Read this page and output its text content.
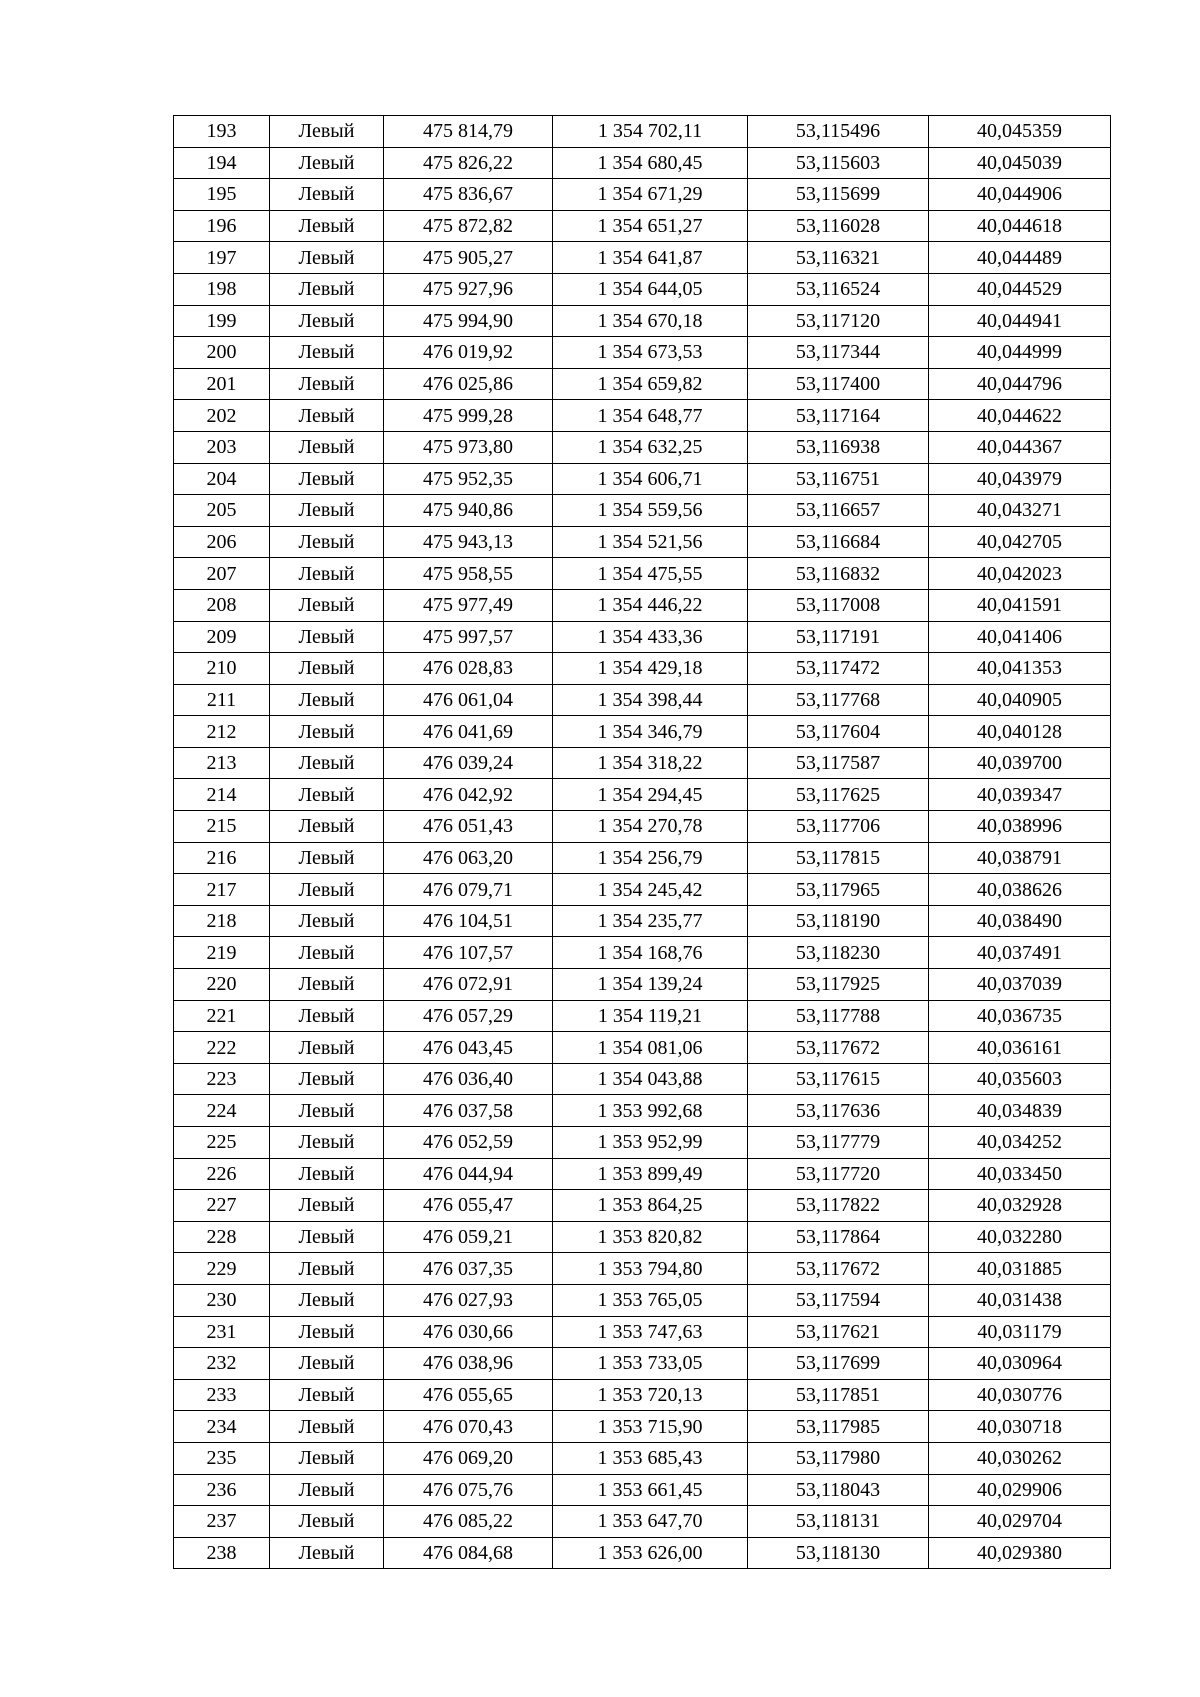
193	Левый	475 814,79	1 354 702,11	53,115496	40,045359
194	Левый	475 826,22	1 354 680,45	53,115603	40,045039
195	Левый	475 836,67	1 354 671,29	53,115699	40,044906
196	Левый	475 872,82	1 354 651,27	53,116028	40,044618
197	Левый	475 905,27	1 354 641,87	53,116321	40,044489
198	Левый	475 927,96	1 354 644,05	53,116524	40,044529
199	Левый	475 994,90	1 354 670,18	53,117120	40,044941
200	Левый	476 019,92	1 354 673,53	53,117344	40,044999
201	Левый	476 025,86	1 354 659,82	53,117400	40,044796
202	Левый	475 999,28	1 354 648,77	53,117164	40,044622
203	Левый	475 973,80	1 354 632,25	53,116938	40,044367
204	Левый	475 952,35	1 354 606,71	53,116751	40,043979
205	Левый	475 940,86	1 354 559,56	53,116657	40,043271
206	Левый	475 943,13	1 354 521,56	53,116684	40,042705
207	Левый	475 958,55	1 354 475,55	53,116832	40,042023
208	Левый	475 977,49	1 354 446,22	53,117008	40,041591
209	Левый	475 997,57	1 354 433,36	53,117191	40,041406
210	Левый	476 028,83	1 354 429,18	53,117472	40,041353
211	Левый	476 061,04	1 354 398,44	53,117768	40,040905
212	Левый	476 041,69	1 354 346,79	53,117604	40,040128
213	Левый	476 039,24	1 354 318,22	53,117587	40,039700
214	Левый	476 042,92	1 354 294,45	53,117625	40,039347
215	Левый	476 051,43	1 354 270,78	53,117706	40,038996
216	Левый	476 063,20	1 354 256,79	53,117815	40,038791
217	Левый	476 079,71	1 354 245,42	53,117965	40,038626
218	Левый	476 104,51	1 354 235,77	53,118190	40,038490
219	Левый	476 107,57	1 354 168,76	53,118230	40,037491
220	Левый	476 072,91	1 354 139,24	53,117925	40,037039
221	Левый	476 057,29	1 354 119,21	53,117788	40,036735
222	Левый	476 043,45	1 354 081,06	53,117672	40,036161
223	Левый	476 036,40	1 354 043,88	53,117615	40,035603
224	Левый	476 037,58	1 353 992,68	53,117636	40,034839
225	Левый	476 052,59	1 353 952,99	53,117779	40,034252
226	Левый	476 044,94	1 353 899,49	53,117720	40,033450
227	Левый	476 055,47	1 353 864,25	53,117822	40,032928
228	Левый	476 059,21	1 353 820,82	53,117864	40,032280
229	Левый	476 037,35	1 353 794,80	53,117672	40,031885
230	Левый	476 027,93	1 353 765,05	53,117594	40,031438
231	Левый	476 030,66	1 353 747,63	53,117621	40,031179
232	Левый	476 038,96	1 353 733,05	53,117699	40,030964
233	Левый	476 055,65	1 353 720,13	53,117851	40,030776
234	Левый	476 070,43	1 353 715,90	53,117985	40,030718
235	Левый	476 069,20	1 353 685,43	53,117980	40,030262
236	Левый	476 075,76	1 353 661,45	53,118043	40,029906
237	Левый	476 085,22	1 353 647,70	53,118131	40,029704
238	Левый	476 084,68	1 353 626,00	53,118130	40,029380
